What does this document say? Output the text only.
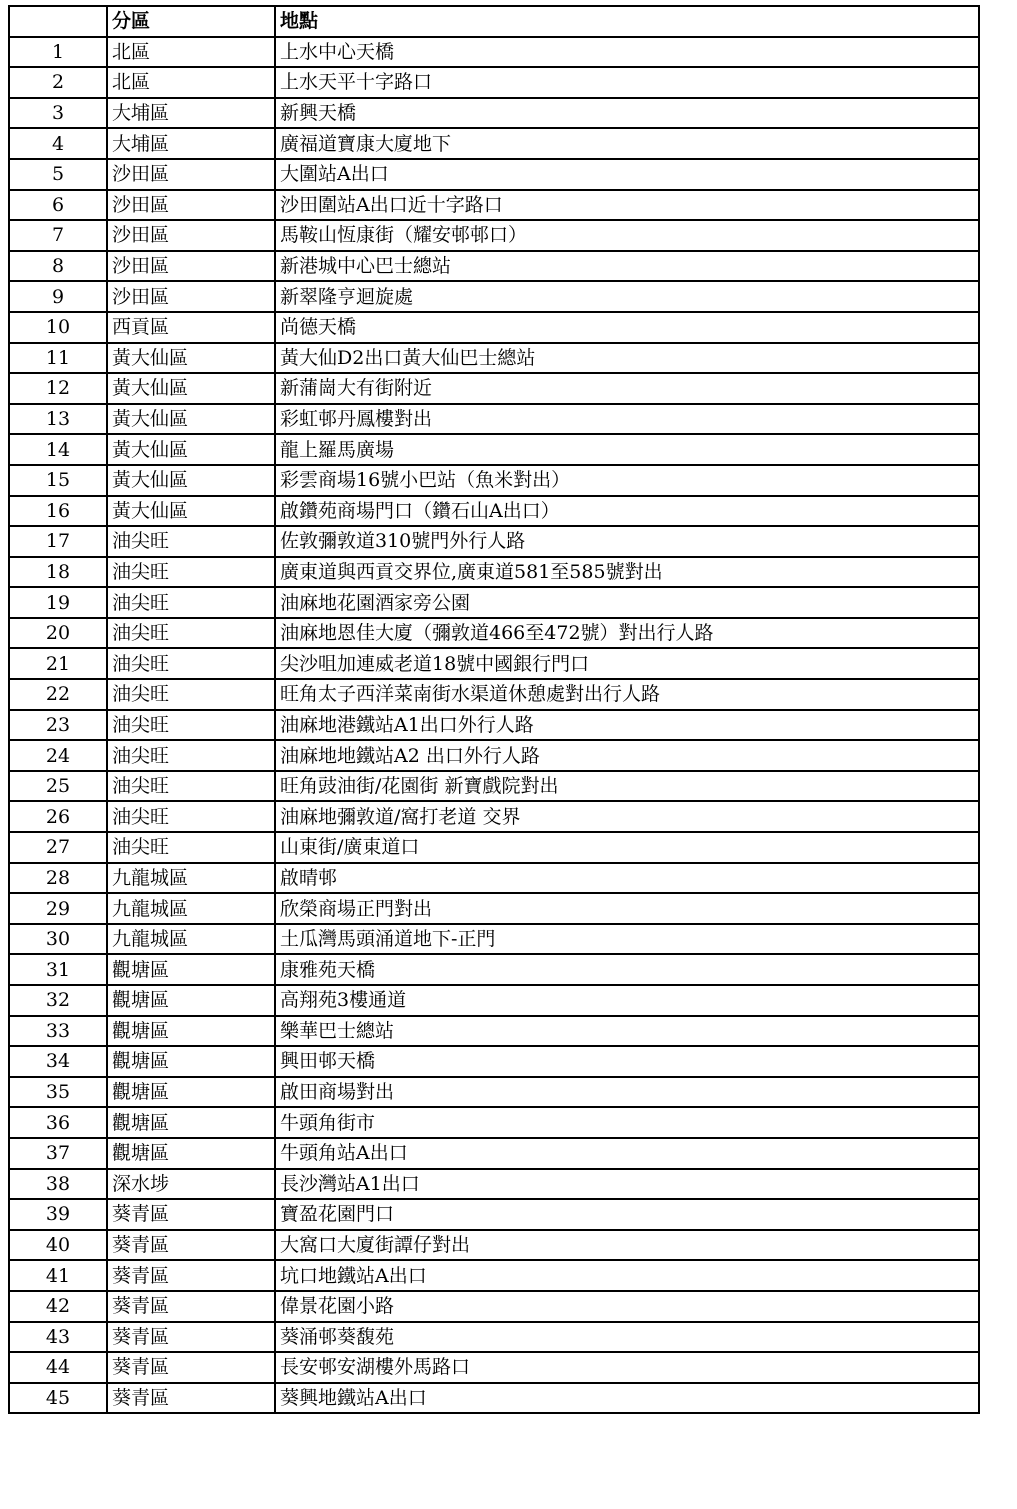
	分區	地點
1	北區	上水中心天橋
2	北區	上水天平十字路口
3	大埔區	新興天橋
4	大埔區	廣福道寶康大廈地下
5	沙田區	大圍站A出口
6	沙田區	沙田圍站A出口近十字路口
7	沙田區	馬鞍山恆康街（耀安邨邨口）
8	沙田區	新港城中心巴士總站
9	沙田區	新翠隆亨迴旋處
10	西貢區	尚德天橋
11	黃大仙區	黃大仙D2出口黃大仙巴士總站
12	黃大仙區	新蒲崗大有街附近
13	黃大仙區	彩虹邨丹鳳樓對出
14	黃大仙區	龍上羅馬廣場
15	黃大仙區	彩雲商場16號小巴站（魚米對出）
16	黃大仙區	啟鑽苑商場門口（鑽石山A出口）
17	油尖旺	佐敦彌敦道310號門外行人路
18	油尖旺	廣東道與西貢交界位,廣東道581至585號對出
19	油尖旺	油麻地花園酒家旁公園
20	油尖旺	油麻地恩佳大廈（彌敦道466至472號）對出行人路
21	油尖旺	尖沙咀加連威老道18號中國銀行門口
22	油尖旺	旺角太子西洋菜南街水渠道休憩處對出行人路
23	油尖旺	油麻地港鐵站A1出口外行人路
24	油尖旺	油麻地地鐵站A2 出口外行人路
25	油尖旺	旺角豉油街/花園街 新寶戲院對出
26	油尖旺	油麻地彌敦道/窩打老道 交界
27	油尖旺	山東街/廣東道口
28	九龍城區	啟晴邨
29	九龍城區	欣榮商場正門對出
30	九龍城區	土瓜灣馬頭涌道地下-正門
31	觀塘區	康雅苑天橋
32	觀塘區	高翔苑3樓通道
33	觀塘區	樂華巴士總站
34	觀塘區	興田邨天橋
35	觀塘區	啟田商場對出
36	觀塘區	牛頭角街市
37	觀塘區	牛頭角站A出口
38	深水埗	長沙灣站A1出口
39	葵青區	寶盈花園門口
40	葵青區	大窩口大廈街譚仔對出
41	葵青區	坑口地鐵站A出口
42	葵青區	偉景花園小路
43	葵青區	葵涌邨葵馥苑
44	葵青區	長安邨安湖樓外馬路口
45	葵青區	葵興地鐵站A出口
